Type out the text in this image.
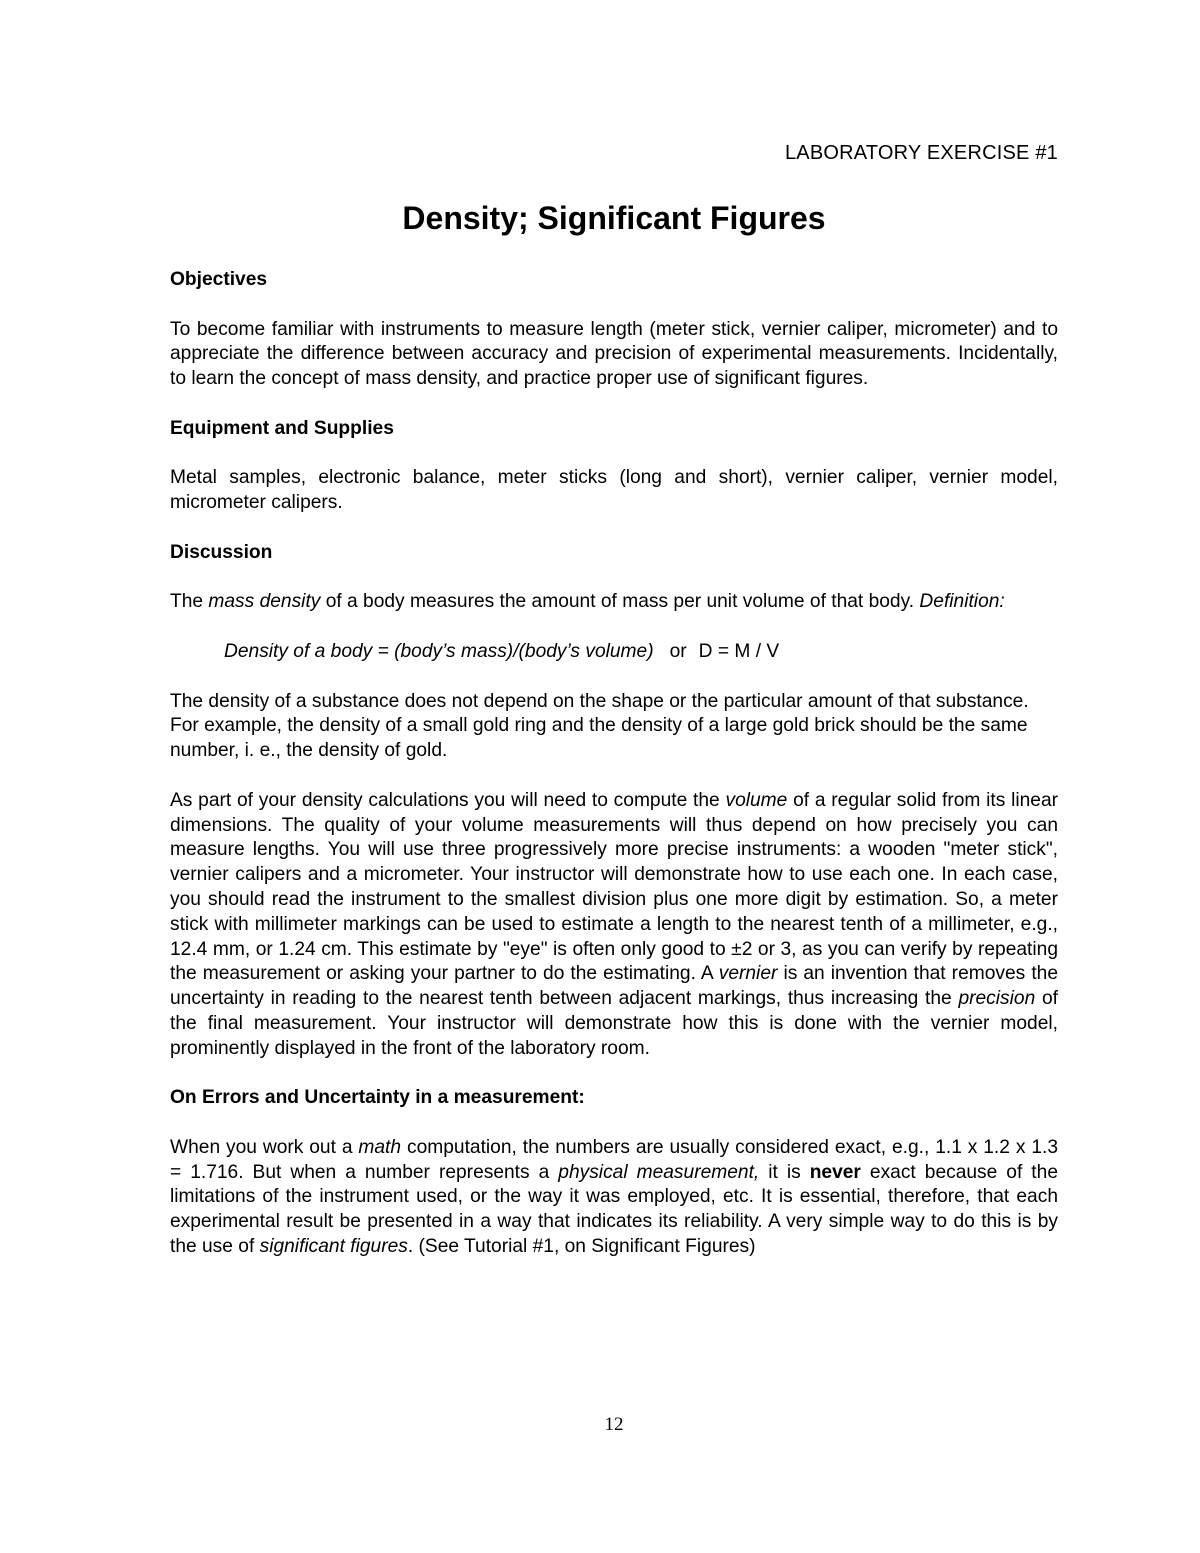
LABORATORY EXERCISE #1
Density; Significant Figures
Objectives

To become familiar with instruments to measure length (meter stick, vernier caliper, micrometer) and to appreciate the difference between accuracy and precision of experimental measurements. Incidentally, to learn the concept of mass density, and practice proper use of significant figures.

Equipment and Supplies

Metal samples, electronic balance, meter sticks (long and short), vernier caliper, vernier model, micrometer calipers.

Discussion

The mass density of a body measures the amount of mass per unit volume of that body. Definition:

Density of a body = (body’s mass)/(body’s volume) or D = M / V

The density of a substance does not depend on the shape or the particular amount of that substance. For example, the density of a small gold ring and the density of a large gold brick should be the same number, i. e., the density of gold.

As part of your density calculations you will need to compute the volume of a regular solid from its linear dimensions. The quality of your volume measurements will thus depend on how precisely you can measure lengths. You will use three progressively more precise instruments: a wooden "meter stick", vernier calipers and a micrometer. Your instructor will demonstrate how to use each one. In each case, you should read the instrument to the smallest division plus one more digit by estimation. So, a meter stick with millimeter markings can be used to estimate a length to the nearest tenth of a millimeter, e.g., 12.4 mm, or 1.24 cm. This estimate by "eye" is often only good to ±2 or 3, as you can verify by repeating the measurement or asking your partner to do the estimating. A vernier is an invention that removes the uncertainty in reading to the nearest tenth between adjacent markings, thus increasing the precision of the final measurement. Your instructor will demonstrate how this is done with the vernier model, prominently displayed in the front of the laboratory room.

On Errors and Uncertainty in a measurement:

When you work out a math computation, the numbers are usually considered exact, e.g., 1.1 x 1.2 x 1.3 = 1.716. But when a number represents a physical measurement, it is never exact because of the limitations of the instrument used, or the way it was employed, etc. It is essential, therefore, that each experimental result be presented in a way that indicates its reliability. A very simple way to do this is by the use of significant figures. (See Tutorial #1, on Significant Figures)

12
